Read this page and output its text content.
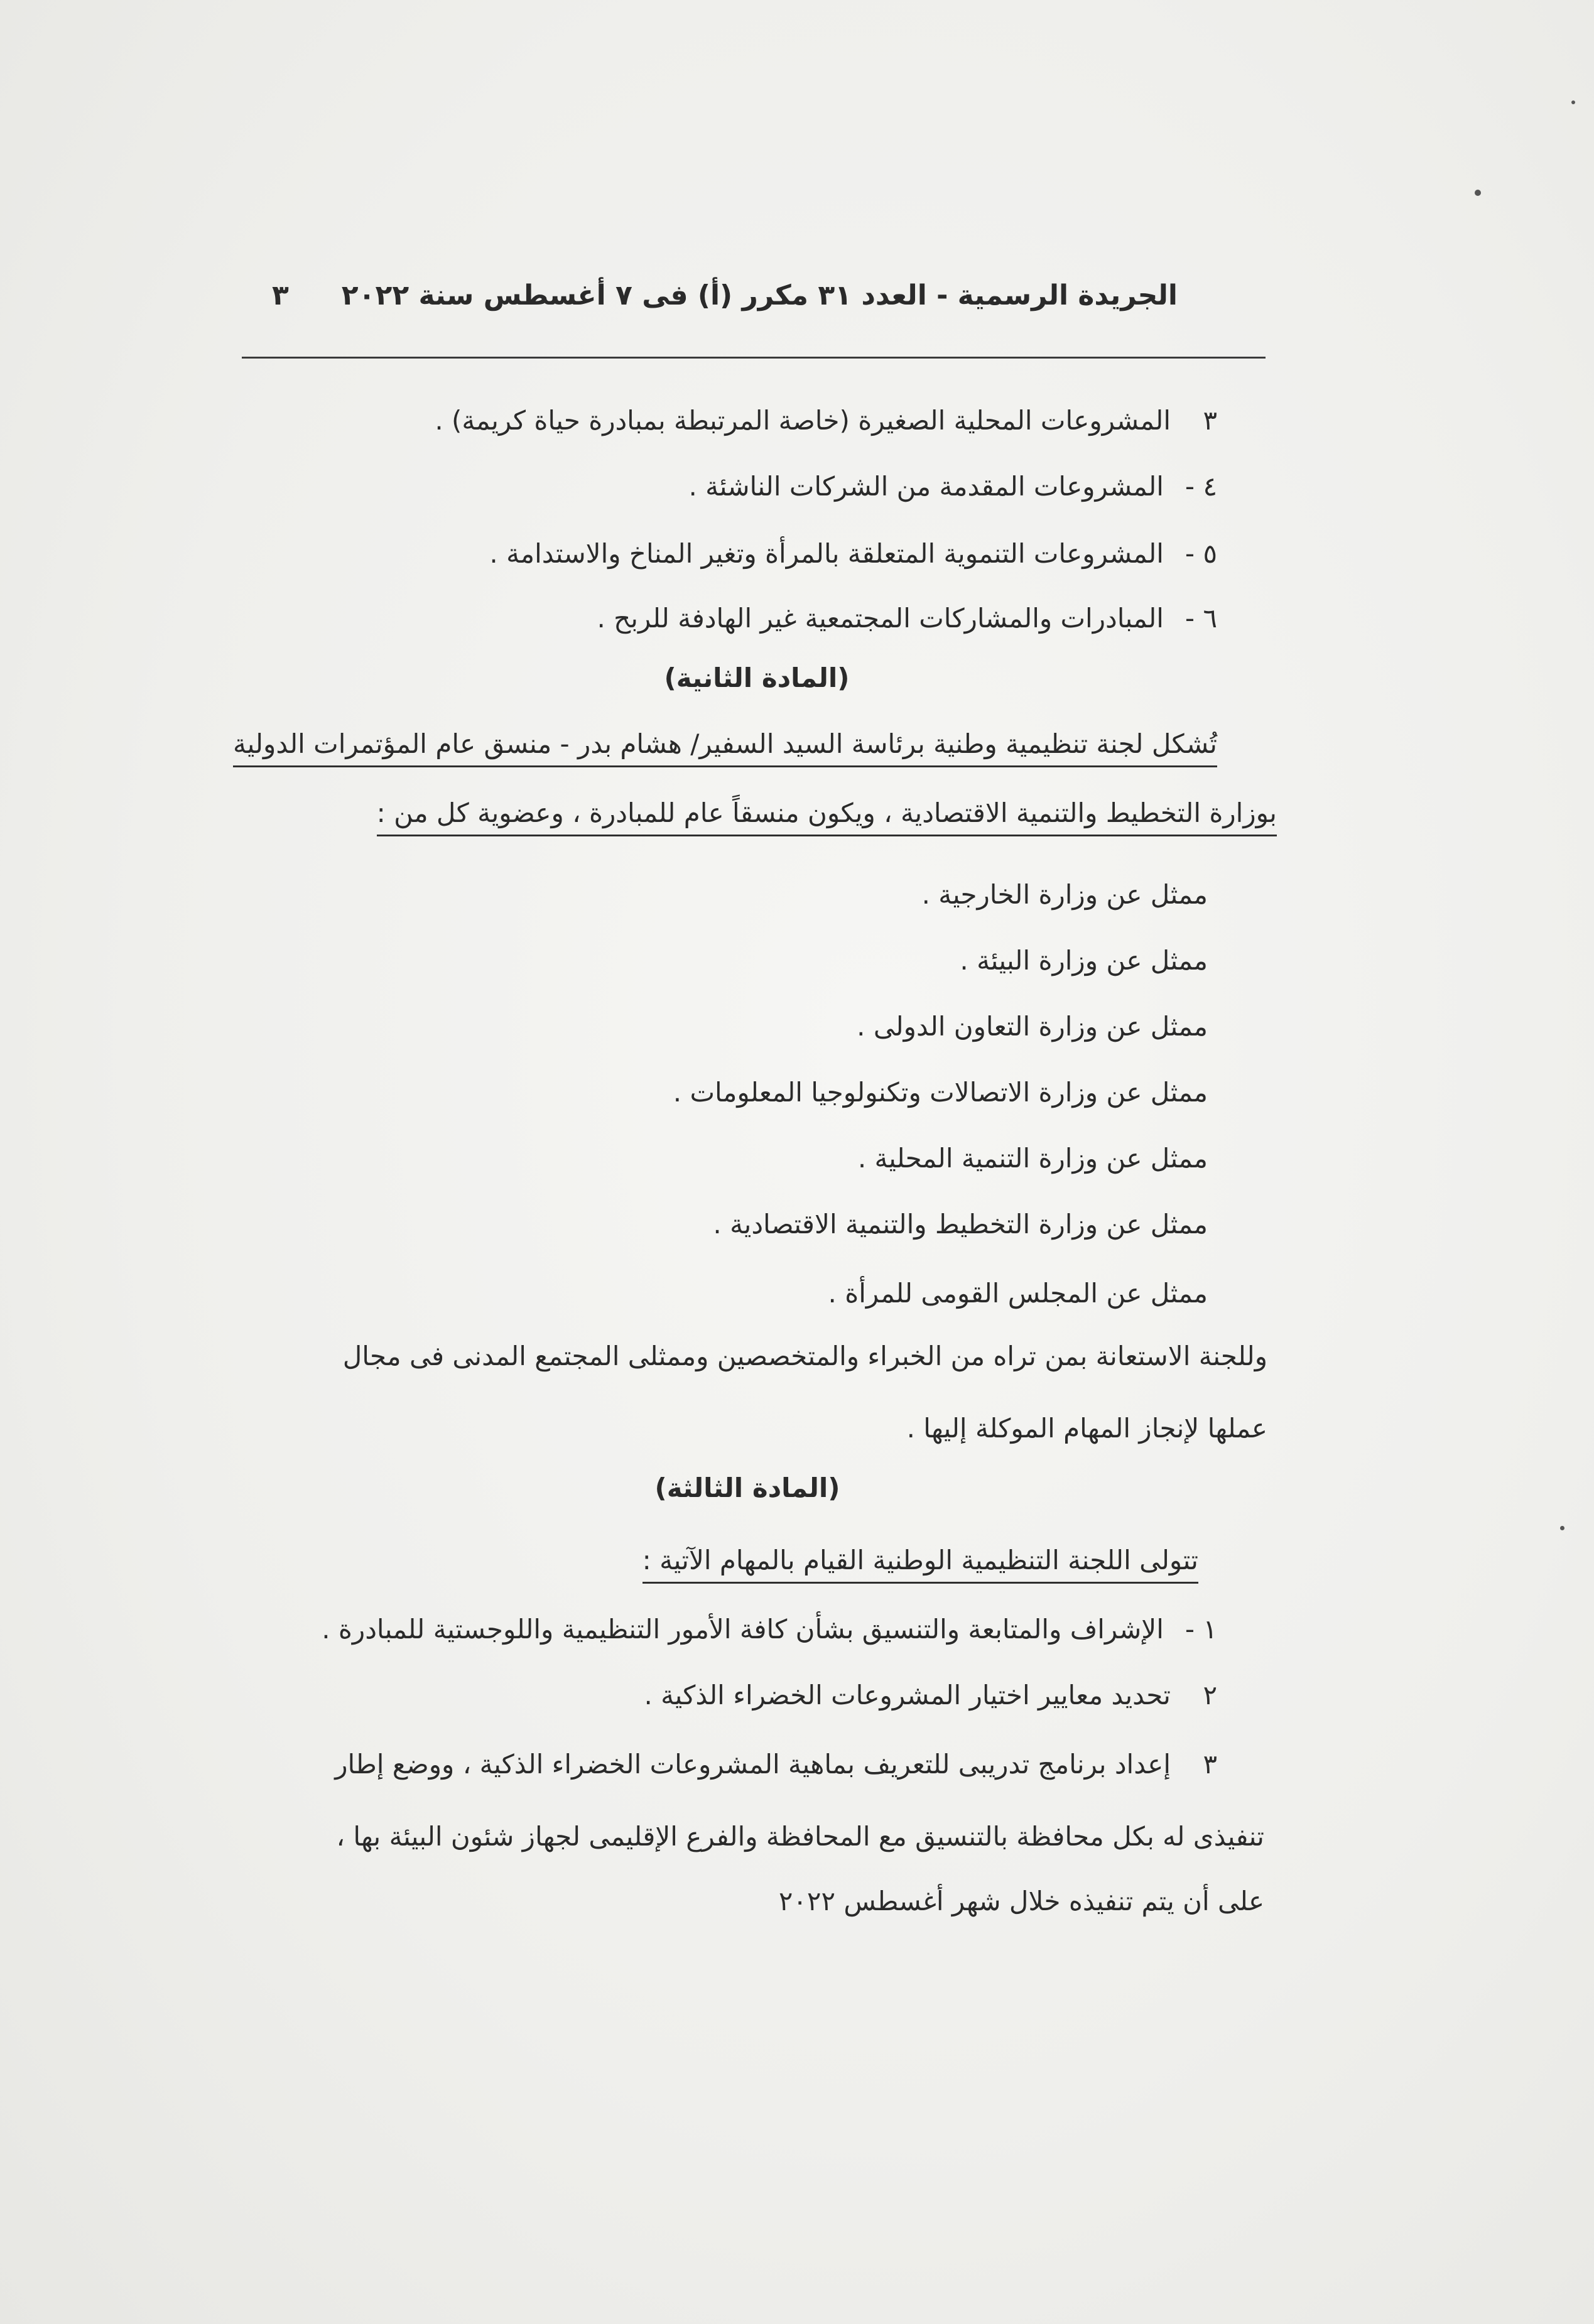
الجريدة الرسمية - العدد ٣١ مكرر (أ) فى ٧ أغسطس سنة ٢٠٢٢
٣
٣المشروعات المحلية الصغيرة (خاصة المرتبطة بمبادرة حياة كريمة) .
٤ -المشروعات المقدمة من الشركات الناشئة .
٥ -المشروعات التنموية المتعلقة بالمرأة وتغير المناخ والاستدامة .
٦ -المبادرات والمشاركات المجتمعية غير الهادفة للربح .
(المادة الثانية)
تُشكل لجنة تنظيمية وطنية برئاسة السيد السفير/ هشام بدر - منسق عام المؤتمرات الدولية
بوزارة التخطيط والتنمية الاقتصادية ، ويكون منسقاً عام للمبادرة ، وعضوية كل من :
ممثل عن وزارة الخارجية .
ممثل عن وزارة البيئة .
ممثل عن وزارة التعاون الدولى .
ممثل عن وزارة الاتصالات وتكنولوجيا المعلومات .
ممثل عن وزارة التنمية المحلية .
ممثل عن وزارة التخطيط والتنمية الاقتصادية .
ممثل عن المجلس القومى للمرأة .
وللجنة الاستعانة بمن تراه من الخبراء والمتخصصين وممثلى المجتمع المدنى فى مجال
عملها لإنجاز المهام الموكلة إليها .
(المادة الثالثة)
تتولى اللجنة التنظيمية الوطنية القيام بالمهام الآتية :
١ -الإشراف والمتابعة والتنسيق بشأن كافة الأمور التنظيمية واللوجستية للمبادرة .
٢تحديد معايير اختيار المشروعات الخضراء الذكية .
٣إعداد برنامج تدريبى للتعريف بماهية المشروعات الخضراء الذكية ، ووضع إطار
تنفيذى له بكل محافظة بالتنسيق مع المحافظة والفرع الإقليمى لجهاز شئون البيئة بها ،
على أن يتم تنفيذه خلال شهر أغسطس ٢٠٢٢
